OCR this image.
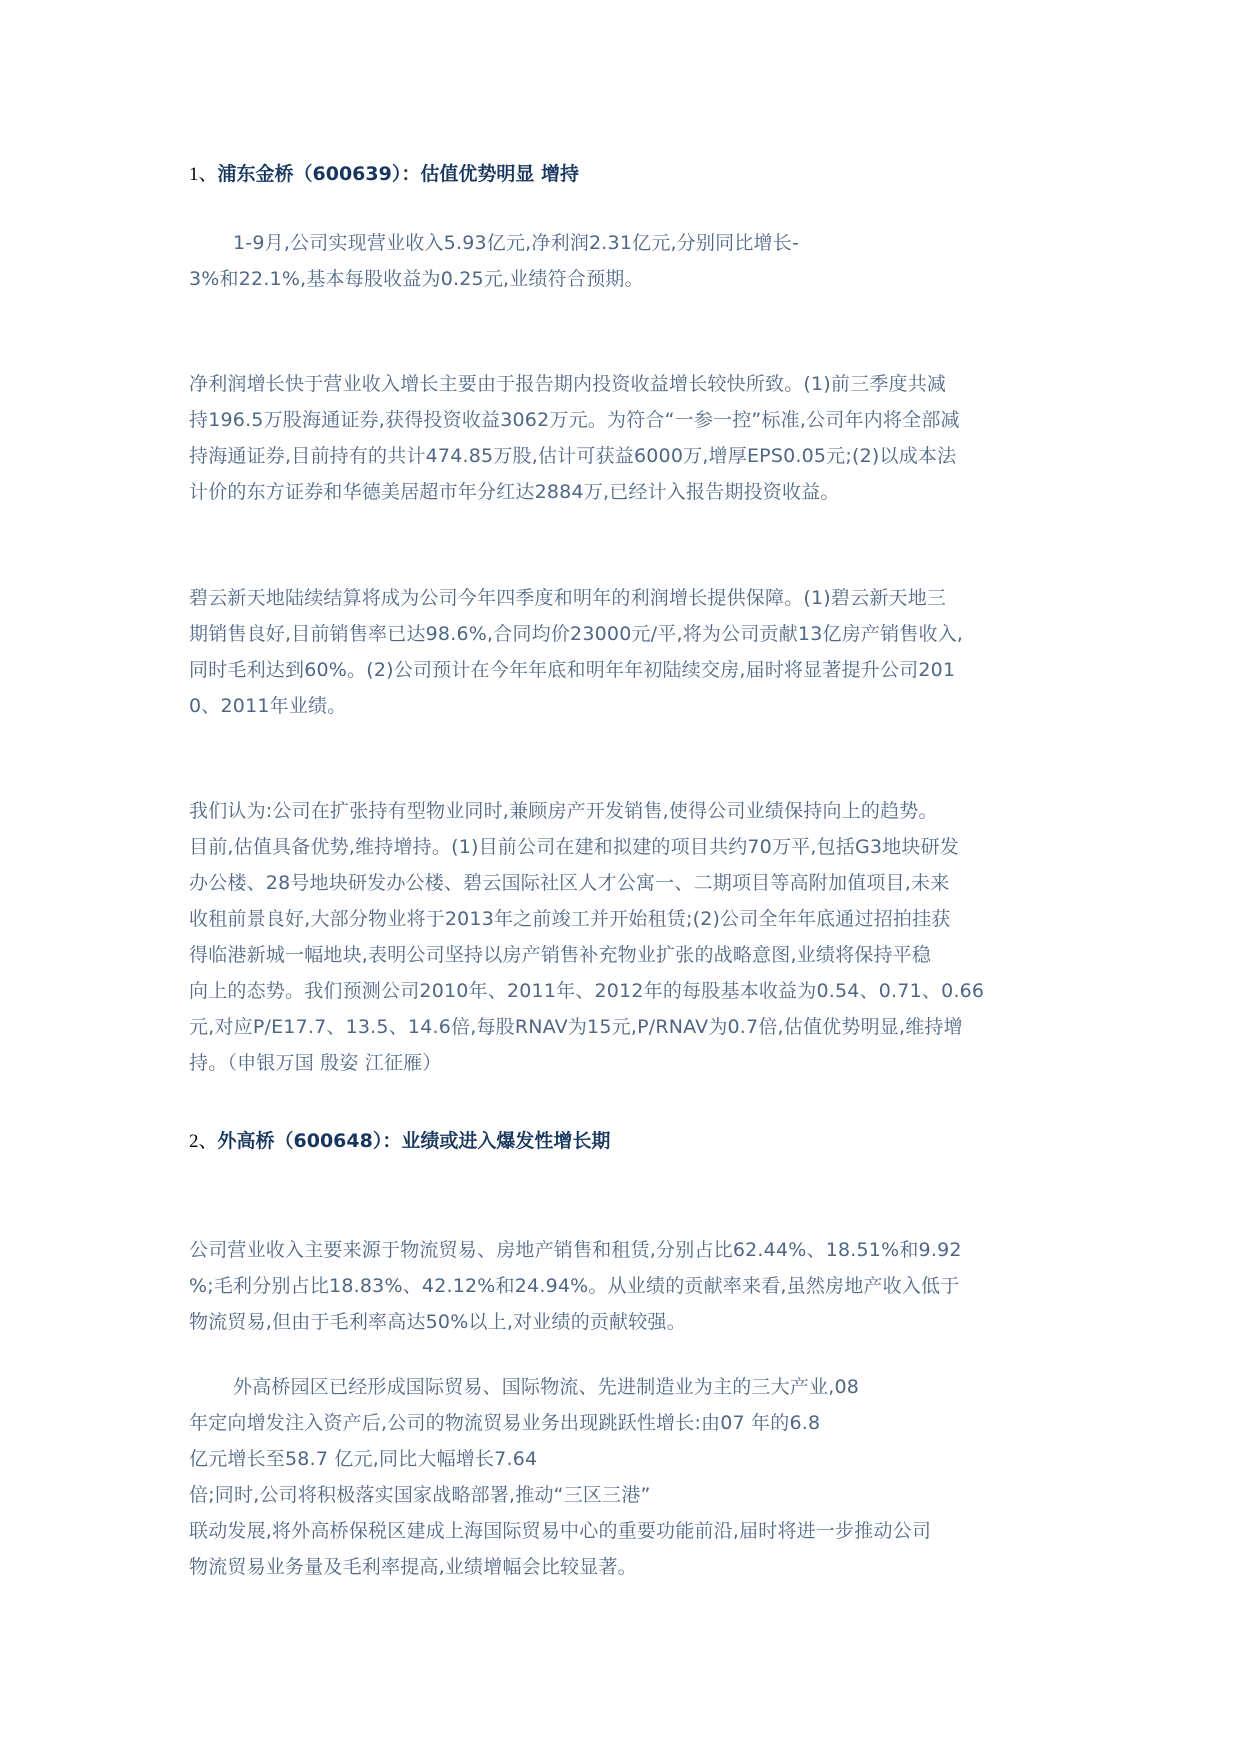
1、浦东金桥（600639）：估值优势明显 增持
1-9月,公司实现营业收入5.93亿元,净利润2.31亿元,分别同比增长-
3%和22.1%,基本每股收益为0.25元,业绩符合预期。
净利润增长快于营业收入增长主要由于报告期内投资收益增长较快所致。(1)前三季度共减
持196.5万股海通证券,获得投资收益3062万元。为符合“一参一控”标准,公司年内将全部减
持海通证券,目前持有的共计474.85万股,估计可获益6000万,增厚EPS0.05元;(2)以成本法
计价的东方证券和华德美居超市年分红达2884万,已经计入报告期投资收益。
碧云新天地陆续结算将成为公司今年四季度和明年的利润增长提供保障。(1)碧云新天地三
期销售良好,目前销售率已达98.6%,合同均价23000元/平,将为公司贡献13亿房产销售收入,
同时毛利达到60%。(2)公司预计在今年年底和明年年初陆续交房,届时将显著提升公司201
0、2011年业绩。
我们认为:公司在扩张持有型物业同时,兼顾房产开发销售,使得公司业绩保持向上的趋势。
目前,估值具备优势,维持增持。(1)目前公司在建和拟建的项目共约70万平,包括G3地块研发
办公楼、28号地块研发办公楼、碧云国际社区人才公寓一、二期项目等高附加值项目,未来
收租前景良好,大部分物业将于2013年之前竣工并开始租赁;(2)公司全年年底通过招拍挂获
得临港新城一幅地块,表明公司坚持以房产销售补充物业扩张的战略意图,业绩将保持平稳
向上的态势。我们预测公司2010年、2011年、2012年的每股基本收益为0.54、0.71、0.66
元,对应P/E17.7、13.5、14.6倍,每股RNAV为15元,P/RNAV为0.7倍,估值优势明显,维持增
持。（申银万国 殷姿 江征雁）
2、外高桥（600648）：业绩或进入爆发性增长期
公司营业收入主要来源于物流贸易、房地产销售和租赁,分别占比62.44%、18.51%和9.92
%;毛利分别占比18.83%、42.12%和24.94%。从业绩的贡献率来看,虽然房地产收入低于
物流贸易,但由于毛利率高达50%以上,对业绩的贡献较强。
外高桥园区已经形成国际贸易、国际物流、先进制造业为主的三大产业,08
年定向增发注入资产后,公司的物流贸易业务出现跳跃性增长:由07 年的6.8
亿元增长至58.7 亿元,同比大幅增长7.64
倍;同时,公司将积极落实国家战略部署,推动“三区三港”
联动发展,将外高桥保税区建成上海国际贸易中心的重要功能前沿,届时将进一步推动公司
物流贸易业务量及毛利率提高,业绩增幅会比较显著。
